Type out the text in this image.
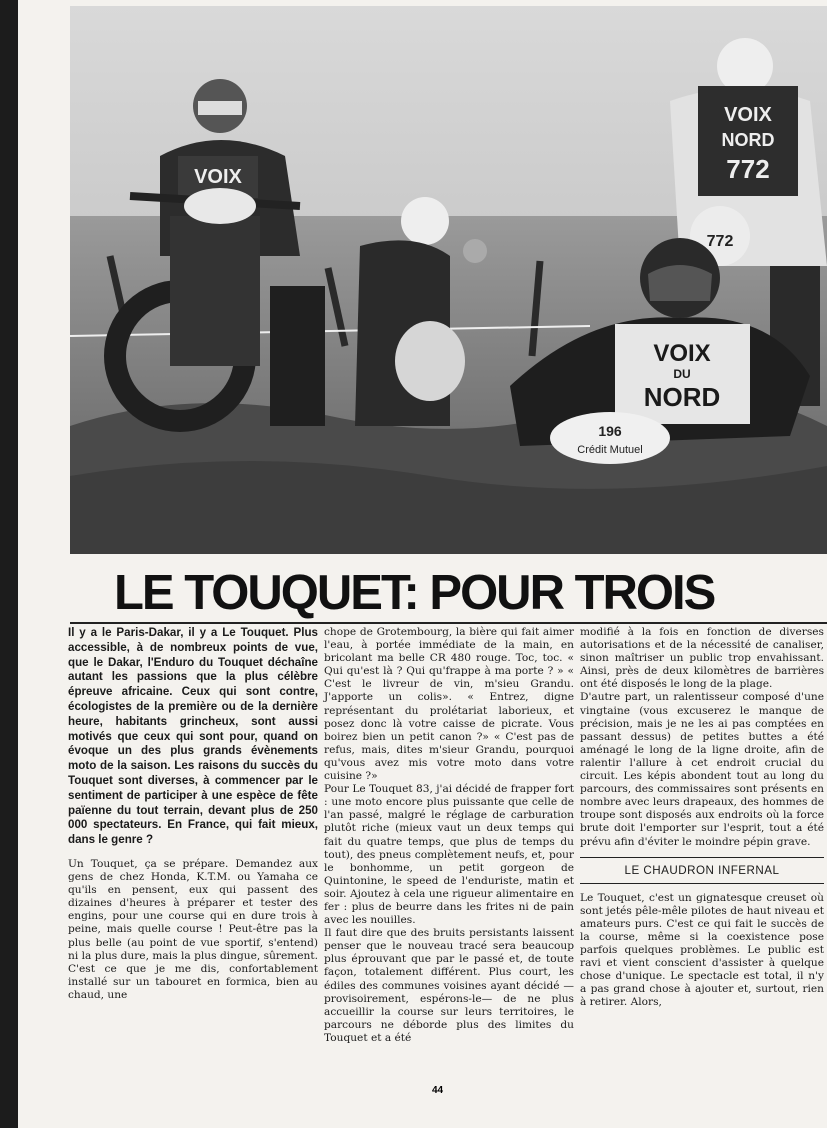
VOIX
VOIX
NORD
772
772
VOIX
DU
NORD
196
Crédit Mutuel
LE TOUQUET: POUR TROIS

Il y a le Paris-Dakar, il y a Le Touquet. Plus accessible, à de nombreux points de vue, que le Dakar, l'Enduro du Touquet déchaîne autant les passions que la plus célèbre épreuve africaine. Ceux qui sont contre, écologistes de la première ou de la dernière heure, habitants grincheux, sont aussi motivés que ceux qui sont pour, quand on évoque un des plus grands évènements moto de la saison. Les raisons du succès du Touquet sont diverses, à commencer par le sentiment de participer à une espèce de fête païenne du tout terrain, devant plus de 250 000 spectateurs. En France, qui fait mieux, dans le genre ?

Un Touquet, ça se prépare. Demandez aux gens de chez Honda, K.T.M. ou Yamaha ce qu'ils en pensent, eux qui passent des dizaines d'heures à préparer et tester des engins, pour une course qui en dure trois à peine, mais quelle course ! Peut-être pas la plus belle (au point de vue sportif, s'entend) ni la plus dure, mais la plus dingue, sûrement. C'est ce que je me dis, confortablement installé sur un tabouret en formica, bien au chaud, une

chope de Grotembourg, la bière qui fait aimer l'eau, à portée immédiate de la main, en bricolant ma belle CR 480 rouge. Toc, toc. « Qui qu'est là ? Qui qu'frappe à ma porte ? » « C'est le livreur de vin, m'sieu Grandu. J'apporte un colis». « Entrez, digne représentant du prolétariat laborieux, et posez donc là votre caisse de picrate. Vous boirez bien un petit canon ?» « C'est pas de refus, mais, dites m'sieur Grandu, pourquoi qu'vous avez mis votre moto dans votre cuisine ?»

Pour Le Touquet 83, j'ai décidé de frapper fort : une moto encore plus puissante que celle de l'an passé, malgré le réglage de carburation plutôt riche (mieux vaut un deux temps qui fait du quatre temps, que plus de temps du tout), des pneus complètement neufs, et, pour le bonhomme, un petit gorgeon de Quintonine, le speed de l'enduriste, matin et soir. Ajoutez à cela une rigueur alimentaire en fer : plus de beurre dans les frites ni de pain avec les nouilles.

Il faut dire que des bruits persistants laissent penser que le nouveau tracé sera beaucoup plus éprouvant que par le passé et, de toute façon, totalement différent. Plus court, les édiles des communes voisines ayant décidé —provisoirement, espérons-le— de ne plus accueillir la course sur leurs territoires, le parcours ne déborde plus des limites du Touquet et a été

modifié à la fois en fonction de diverses autorisations et de la nécessité de canaliser, sinon maîtriser un public trop envahissant. Ainsi, près de deux kilomètres de barrières ont été disposés le long de la plage.

D'autre part, un ralentisseur composé d'une vingtaine (vous excuserez le manque de précision, mais je ne les ai pas comptées en passant dessus) de petites buttes a été aménagé le long de la ligne droite, afin de ralentir l'allure à cet endroit crucial du circuit. Les képis abondent tout au long du parcours, des commissaires sont présents en nombre avec leurs drapeaux, des hommes de troupe sont disposés aux endroits où la force brute doit l'emporter sur l'esprit, tout a été prévu afin d'éviter le moindre pépin grave.

LE CHAUDRON INFERNAL

Le Touquet, c'est un gignatesque creuset où sont jetés pêle-mêle pilotes de haut niveau et amateurs purs. C'est ce qui fait le succès de la course, même si la coexistence pose parfois quelques problèmes. Le public est ravi et vient conscient d'assister à quelque chose d'unique. Le spectacle est total, il n'y a pas grand chose à ajouter et, surtout, rien à retirer. Alors,

44
